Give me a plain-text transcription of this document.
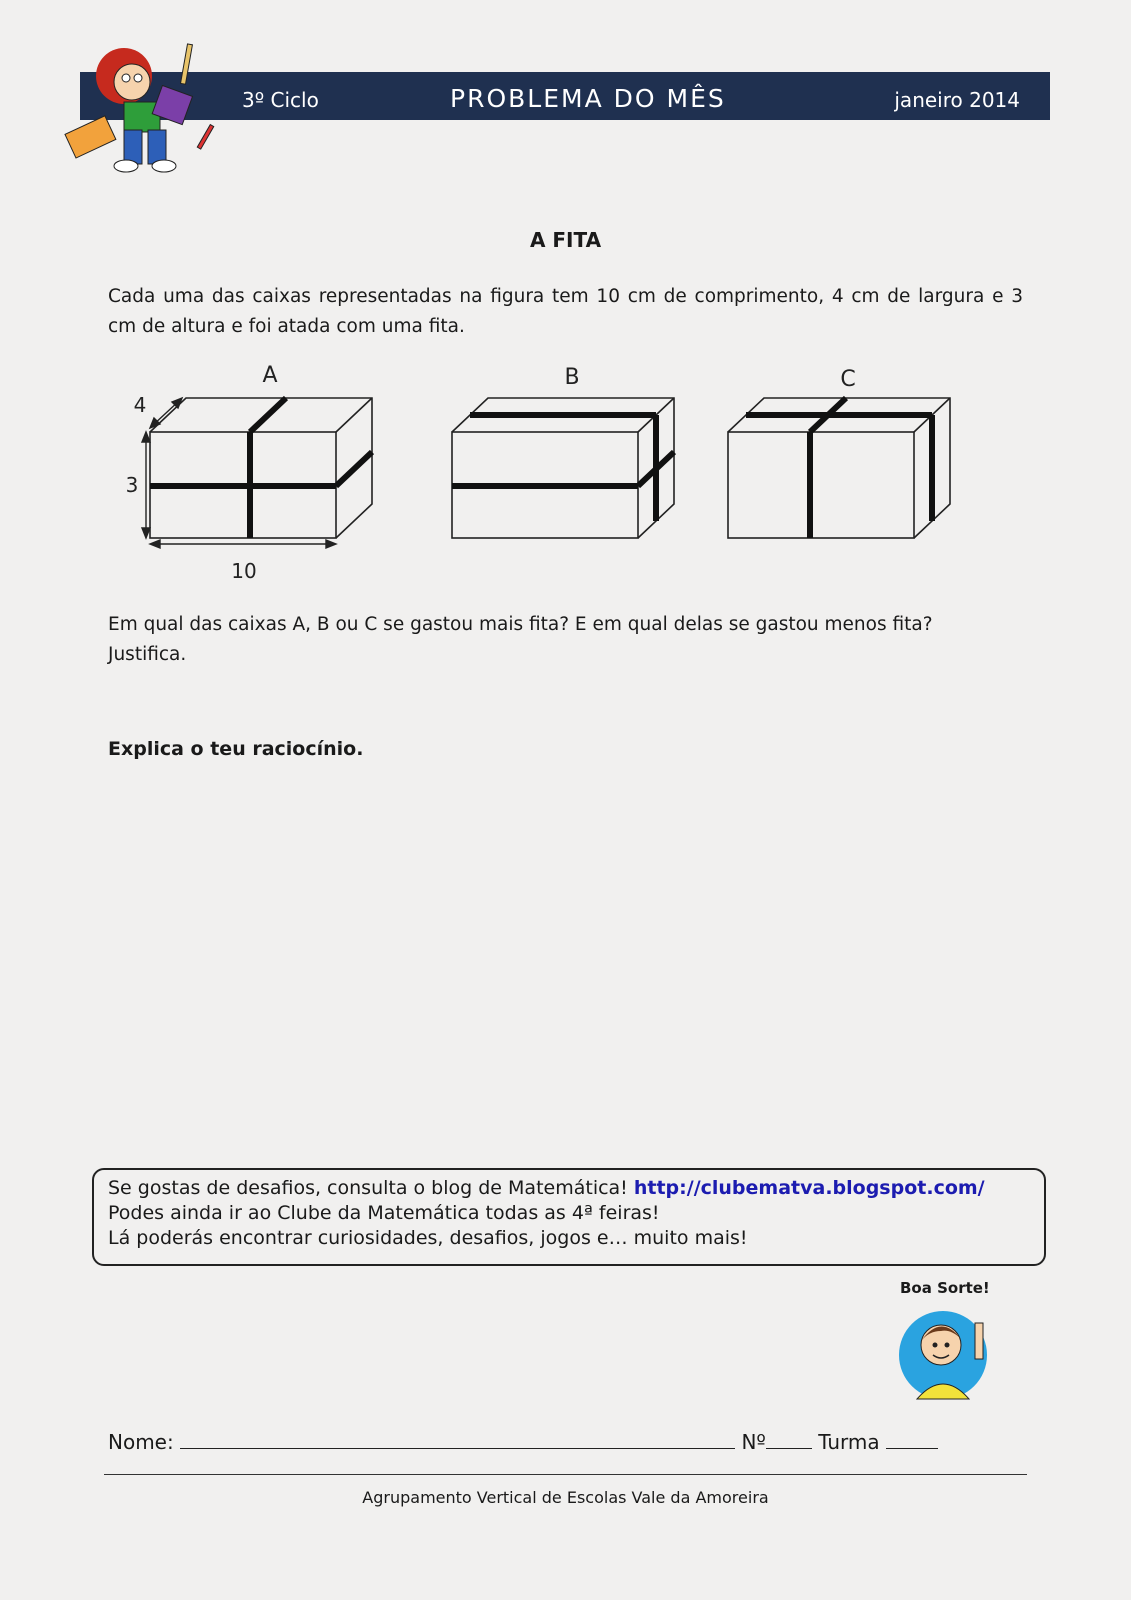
3º Ciclo	PROBLEMA DO MÊS	janeiro 2014
A FITA
Cada uma das caixas representadas na figura tem 10 cm de comprimento, 4 cm de largura e 3 cm de altura e foi atada com uma fita.
A	B	C
4
3
10
Em qual das caixas A, B ou C se gastou mais fita? E em qual delas se gastou menos fita?
Justifica.
Explica o teu raciocínio.
Se gostas de desafios, consulta o blog de Matemática! http://clubematva.blogspot.com/
Podes ainda ir ao Clube da Matemática todas as 4ª feiras!
Lá poderás encontrar curiosidades, desafios, jogos e… muito mais!
Boa Sorte!
Nome:	Nº	Turma
Agrupamento Vertical de Escolas Vale da Amoreira
